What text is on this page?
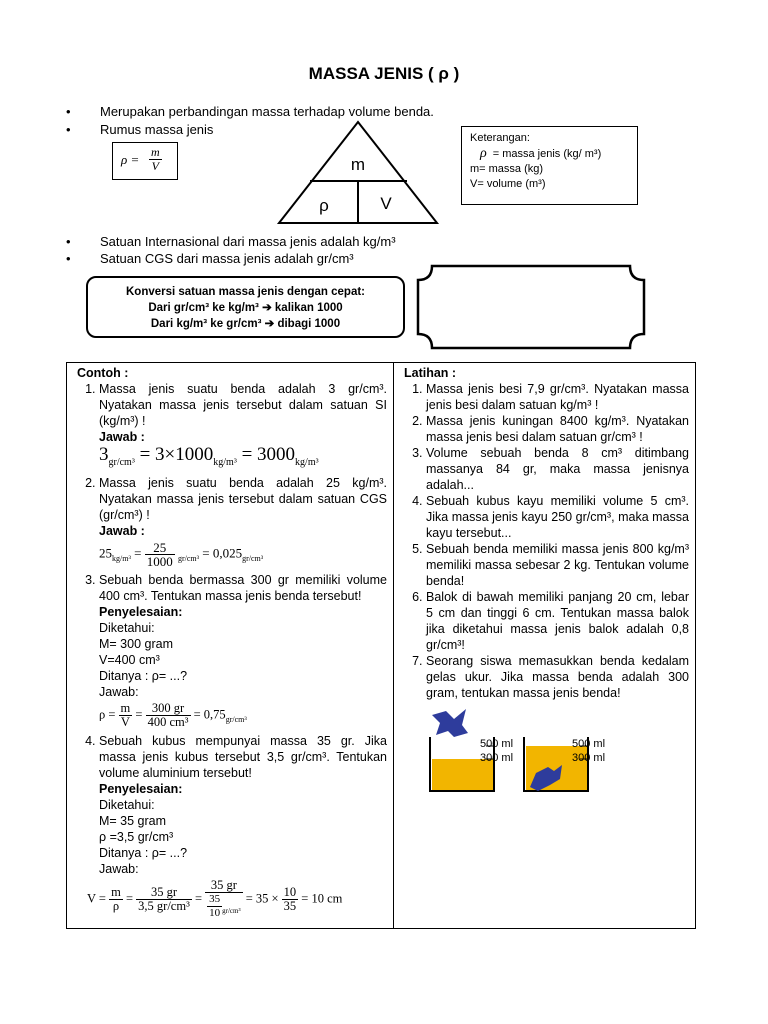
MASSA JENIS ( ρ )
•	Merupakan perbandingan massa terhadap volume benda.
•	Rumus massa jenis
•	Satuan Internasional dari massa jenis adalah kg/m³
•	Satuan CGS dari massa jenis adalah gr/cm³
$\rho = \frac{m}{V}$	m
ρ	V
Keterangan:
ρ = massa jenis (kg/ m³)
m= massa (kg)
V= volume (m³)
Konversi satuan massa jenis dengan cepat:
Dari gr/cm³ ke kg/m³ ➔ kalikan 1000
Dari kg/m³ ke gr/cm³ ➔ dibagi 1000
Contoh :
1. Massa jenis suatu benda adalah 3 gr/cm³. Nyatakan massa jenis tersebut dalam satuan SI (kg/m³) !
Jawab :
$3_{gr/cm^3} = 3\times 1000_{kg/m^3} = 3000_{kg/m^3}$
2. Massa jenis suatu benda adalah 25 kg/m³. Nyatakan massa jenis tersebut dalam satuan CGS (gr/cm³) !
Jawab :
$25_{kg/m^3} = \frac{25}{1000} _{gr/cm^3} = 0,025_{gr/cm^3}$
3. Sebuah benda bermassa 300 gr memiliki volume 400 cm³. Tentukan massa jenis benda tersebut!
Penyelesaian:
Diketahui:
M= 300 gram
V=400 cm³
Ditanya : ρ= ...?
Jawab:
$\rho = \frac{m}{V} = \frac{300 gr}{\text{400 cm³}} = 0,75_{gr/cm^3}$
4. Sebuah kubus mempunyai massa 35 gr. Jika massa jenis kubus tersebut 3,5 gr/cm³. Tentukan volume aluminium tersebut!
Penyelesaian:
Diketahui:
M= 35 gram
ρ =3,5 gr/cm³
Ditanya : ρ= ...?
Jawab:
$V = \frac{m}{\rho} = \frac{35 gr}{\text{3,5 gr/cm³}} = \frac{35 gr}{\frac{35}{10} _{gr/cm^3}} = 35 \times \frac{10}{35} = 10$ cm

Latihan :
1. Massa jenis besi 7,9 gr/cm³. Nyatakan massa jenis besi dalam satuan kg/m³ !
2. Massa jenis kuningan 8400 kg/m³. Nyatakan massa jenis besi dalam satuan gr/cm³ !
3. Volume sebuah benda 8 cm³ ditimbang massanya 84 gr, maka massa jenisnya adalah...
4. Sebuah kubus kayu memiliki volume 5 cm³. Jika massa jenis kayu 250 gr/cm³, maka massa kayu tersebut...
5. Sebuah benda memiliki massa jenis 800 kg/m³ memiliki massa sebesar 2 kg. Tentukan volume benda!
6. Balok di bawah memiliki panjang 20 cm, lebar 5 cm dan tinggi 6 cm. Tentukan massa balok jika diketahui massa jenis balok adalah 0,8 gr/cm³!
7. Seorang siswa memasukkan benda kedalam gelas ukur. Jika massa benda adalah 300 gram, tentukan massa jenis benda!
500 ml
300 ml
500 ml
300 ml
